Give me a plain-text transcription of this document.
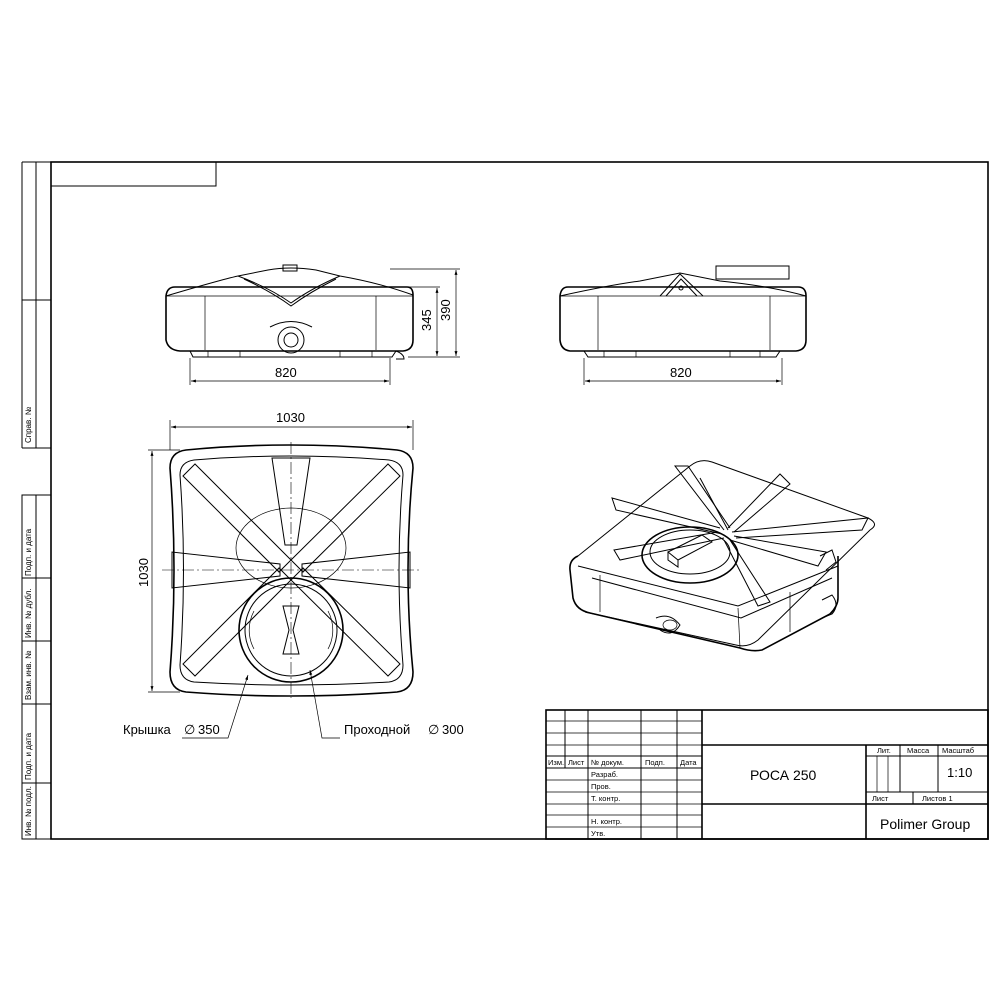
Справ. №
Подп. и дата
Инв. № дубл.
Взам. инв. №
Подп. и дата
Инв. № подл.
345 390
820	820
1030
1030
Крышка ∅ 350	Проходной ∅ 300
Изм. Лист № докум.	Подп. Дата
Разраб.
Пров.
Т. контр.
Н. контр.
Утв.
РОСА 250
Лит. Масса Масштаб
1:10
Лист	Листов 1
Polimer Group
